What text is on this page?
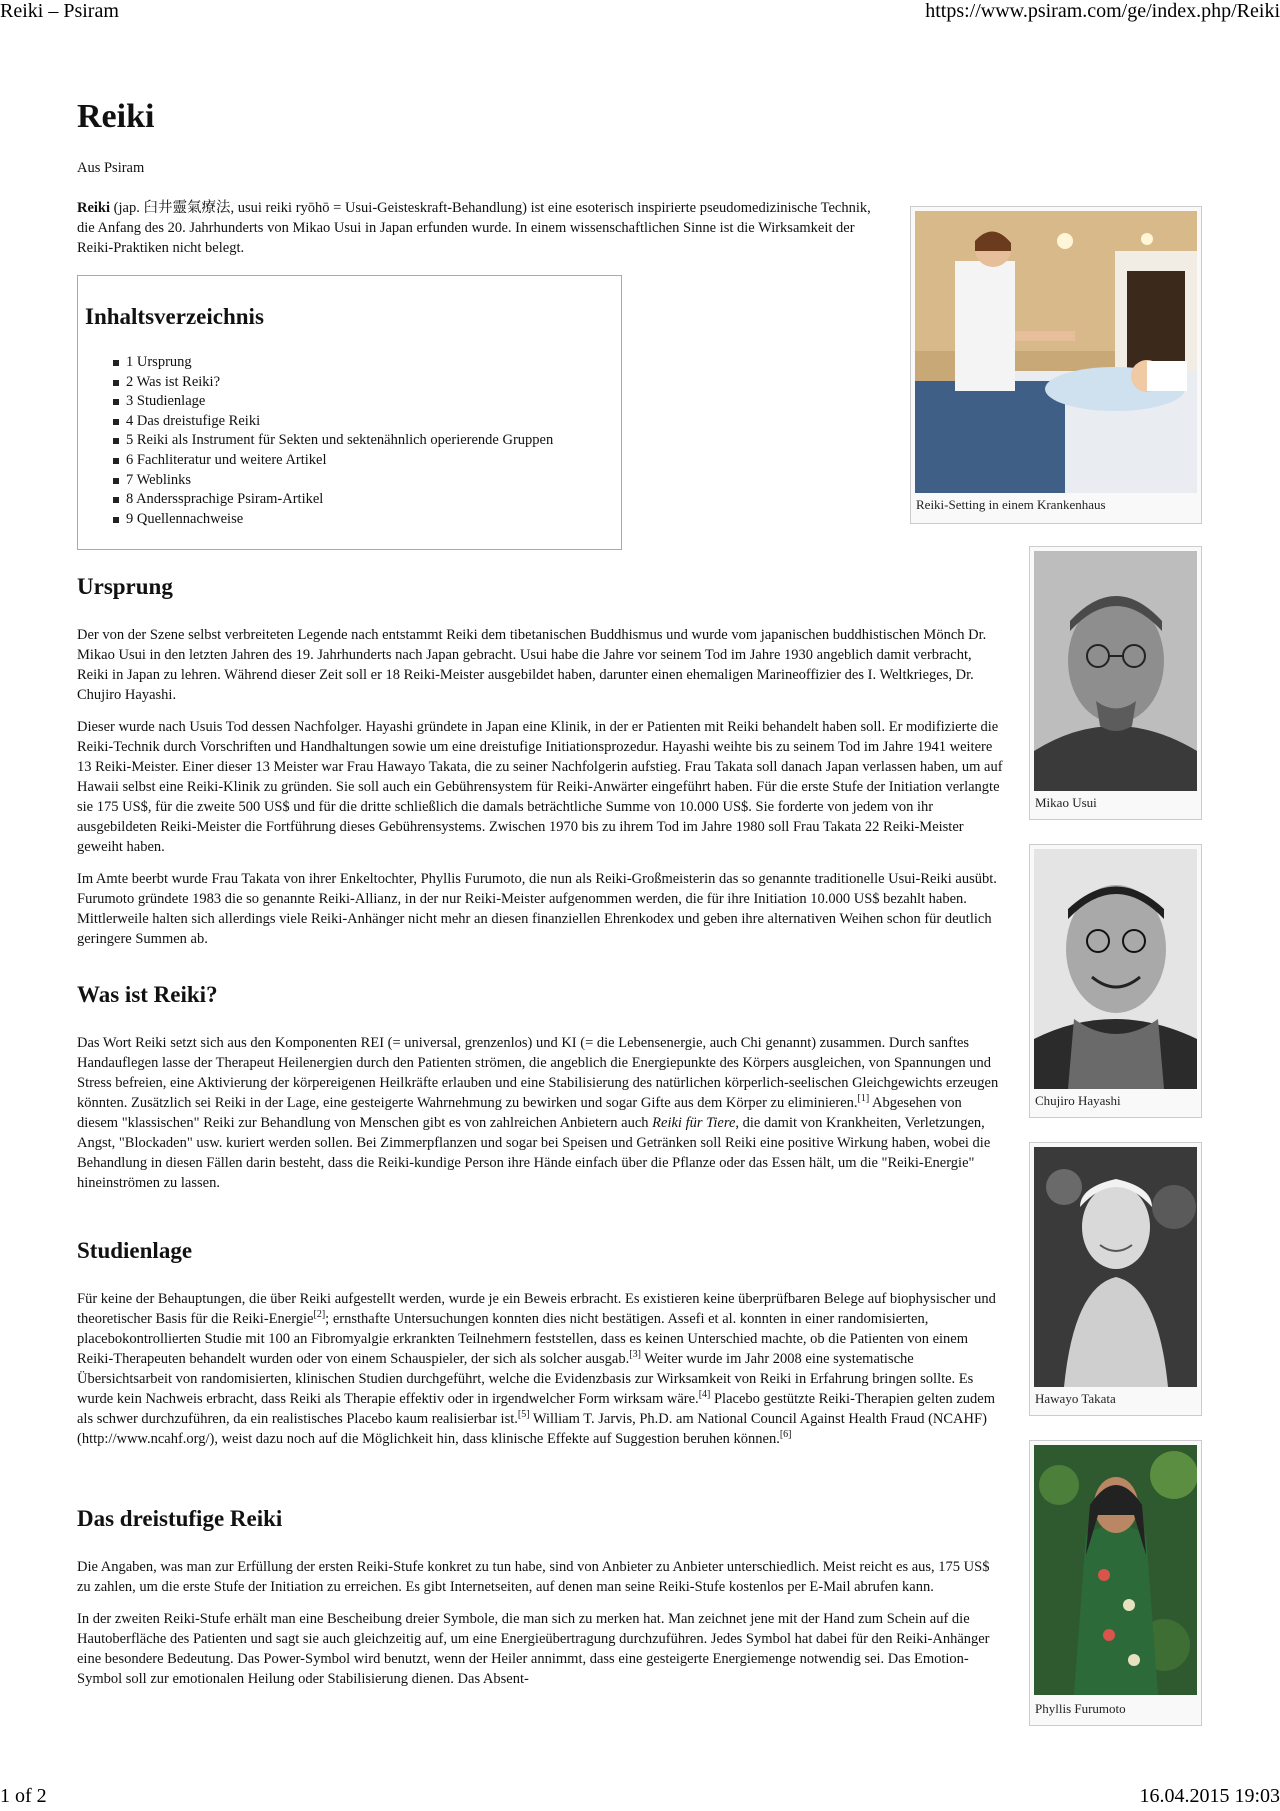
Reiki – Psiram	https://www.psiram.com/ge/index.php/Reiki
Reiki
Aus Psiram

Reiki (jap. 臼井靈氣療法, usui reiki ryōhō = Usui-Geisteskraft-Behandlung) ist eine esoterisch inspirierte pseudomedizinische Technik, die Anfang des 20. Jahrhunderts von Mikao Usui in Japan erfunden wurde. In einem wissenschaftlichen Sinne ist die Wirksamkeit der Reiki-Praktiken nicht belegt.

Inhaltsverzeichnis
1 Ursprung
2 Was ist Reiki?
3 Studienlage
4 Das dreistufige Reiki
5 Reiki als Instrument für Sekten und sektenähnlich operierende Gruppen
6 Fachliteratur und weitere Artikel
7 Weblinks
8 Anderssprachige Psiram-Artikel
9 Quellennachweise
Reiki-Setting in einem Krankenhaus
Mikao Usui
Chujiro Hayashi
Hawayo Takata
Phyllis Furumoto
Ursprung

Der von der Szene selbst verbreiteten Legende nach entstammt Reiki dem tibetanischen Buddhismus und wurde vom japanischen buddhistischen Mönch Dr. Mikao Usui in den letzten Jahren des 19. Jahrhunderts nach Japan gebracht. Usui habe die Jahre vor seinem Tod im Jahre 1930 angeblich damit verbracht, Reiki in Japan zu lehren. Während dieser Zeit soll er 18 Reiki-Meister ausgebildet haben, darunter einen ehemaligen Marineoffizier des I. Weltkrieges, Dr. Chujiro Hayashi.

Dieser wurde nach Usuis Tod dessen Nachfolger. Hayashi gründete in Japan eine Klinik, in der er Patienten mit Reiki behandelt haben soll. Er modifizierte die Reiki-Technik durch Vorschriften und Handhaltungen sowie um eine dreistufige Initiationsprozedur. Hayashi weihte bis zu seinem Tod im Jahre 1941 weitere 13 Reiki-Meister. Einer dieser 13 Meister war Frau Hawayo Takata, die zu seiner Nachfolgerin aufstieg. Frau Takata soll danach Japan verlassen haben, um auf Hawaii selbst eine Reiki-Klinik zu gründen. Sie soll auch ein Gebührensystem für Reiki-Anwärter eingeführt haben. Für die erste Stufe der Initiation verlangte sie 175 US$, für die zweite 500 US$ und für die dritte schließlich die damals beträchtliche Summe von 10.000 US$. Sie forderte von jedem von ihr ausgebildeten Reiki-Meister die Fortführung dieses Gebührensystems. Zwischen 1970 bis zu ihrem Tod im Jahre 1980 soll Frau Takata 22 Reiki-Meister geweiht haben.

Im Amte beerbt wurde Frau Takata von ihrer Enkeltochter, Phyllis Furumoto, die nun als Reiki-Großmeisterin das so genannte traditionelle Usui-Reiki ausübt. Furumoto gründete 1983 die so genannte Reiki-Allianz, in der nur Reiki-Meister aufgenommen werden, die für ihre Initiation 10.000 US$ bezahlt haben. Mittlerweile halten sich allerdings viele Reiki-Anhänger nicht mehr an diesen finanziellen Ehrenkodex und geben ihre alternativen Weihen schon für deutlich geringere Summen ab.

Was ist Reiki?

Das Wort Reiki setzt sich aus den Komponenten REI (= universal, grenzenlos) und KI (= die Lebensenergie, auch Chi genannt) zusammen. Durch sanftes Handauflegen lasse der Therapeut Heilenergien durch den Patienten strömen, die angeblich die Energiepunkte des Körpers ausgleichen, von Spannungen und Stress befreien, eine Aktivierung der körpereigenen Heilkräfte erlauben und eine Stabilisierung des natürlichen körperlich-seelischen Gleichgewichts erzeugen könnten. Zusätzlich sei Reiki in der Lage, eine gesteigerte Wahrnehmung zu bewirken und sogar Gifte aus dem Körper zu eliminieren.[1] Abgesehen von diesem "klassischen" Reiki zur Behandlung von Menschen gibt es von zahlreichen Anbietern auch Reiki für Tiere, die damit von Krankheiten, Verletzungen, Angst, "Blockaden" usw. kuriert werden sollen. Bei Zimmerpflanzen und sogar bei Speisen und Getränken soll Reiki eine positive Wirkung haben, wobei die Behandlung in diesen Fällen darin besteht, dass die Reiki-kundige Person ihre Hände einfach über die Pflanze oder das Essen hält, um die "Reiki-Energie" hineinströmen zu lassen.

Studienlage

Für keine der Behauptungen, die über Reiki aufgestellt werden, wurde je ein Beweis erbracht. Es existieren keine überprüfbaren Belege auf biophysischer und theoretischer Basis für die Reiki-Energie[2]; ernsthafte Untersuchungen konnten dies nicht bestätigen. Assefi et al. konnten in einer randomisierten, placebokontrollierten Studie mit 100 an Fibromyalgie erkrankten Teilnehmern feststellen, dass es keinen Unterschied machte, ob die Patienten von einem Reiki-Therapeuten behandelt wurden oder von einem Schauspieler, der sich als solcher ausgab.[3] Weiter wurde im Jahr 2008 eine systematische Übersichtsarbeit von randomisierten, klinischen Studien durchgeführt, welche die Evidenzbasis zur Wirksamkeit von Reiki in Erfahrung bringen sollte. Es wurde kein Nachweis erbracht, dass Reiki als Therapie effektiv oder in irgendwelcher Form wirksam wäre.[4] Placebo gestützte Reiki-Therapien gelten zudem als schwer durchzuführen, da ein realistisches Placebo kaum realisierbar ist.[5] William T. Jarvis, Ph.D. am National Council Against Health Fraud (NCAHF) (http://www.ncahf.org/), weist dazu noch auf die Möglichkeit hin, dass klinische Effekte auf Suggestion beruhen können.[6]

Das dreistufige Reiki

Die Angaben, was man zur Erfüllung der ersten Reiki-Stufe konkret zu tun habe, sind von Anbieter zu Anbieter unterschiedlich. Meist reicht es aus, 175 US$ zu zahlen, um die erste Stufe der Initiation zu erreichen. Es gibt Internetseiten, auf denen man seine Reiki-Stufe kostenlos per E-Mail abrufen kann.

In der zweiten Reiki-Stufe erhält man eine Bescheibung dreier Symbole, die man sich zu merken hat. Man zeichnet jene mit der Hand zum Schein auf die Hautoberfläche des Patienten und sagt sie auch gleichzeitig auf, um eine Energieübertragung durchzuführen. Jedes Symbol hat dabei für den Reiki-Anhänger eine besondere Bedeutung. Das Power-Symbol wird benutzt, wenn der Heiler annimmt, dass eine gesteigerte Energiemenge notwendig sei. Das Emotion-Symbol soll zur emotionalen Heilung oder Stabilisierung dienen. Das Absent-

1 of 2	16.04.2015 19:03
